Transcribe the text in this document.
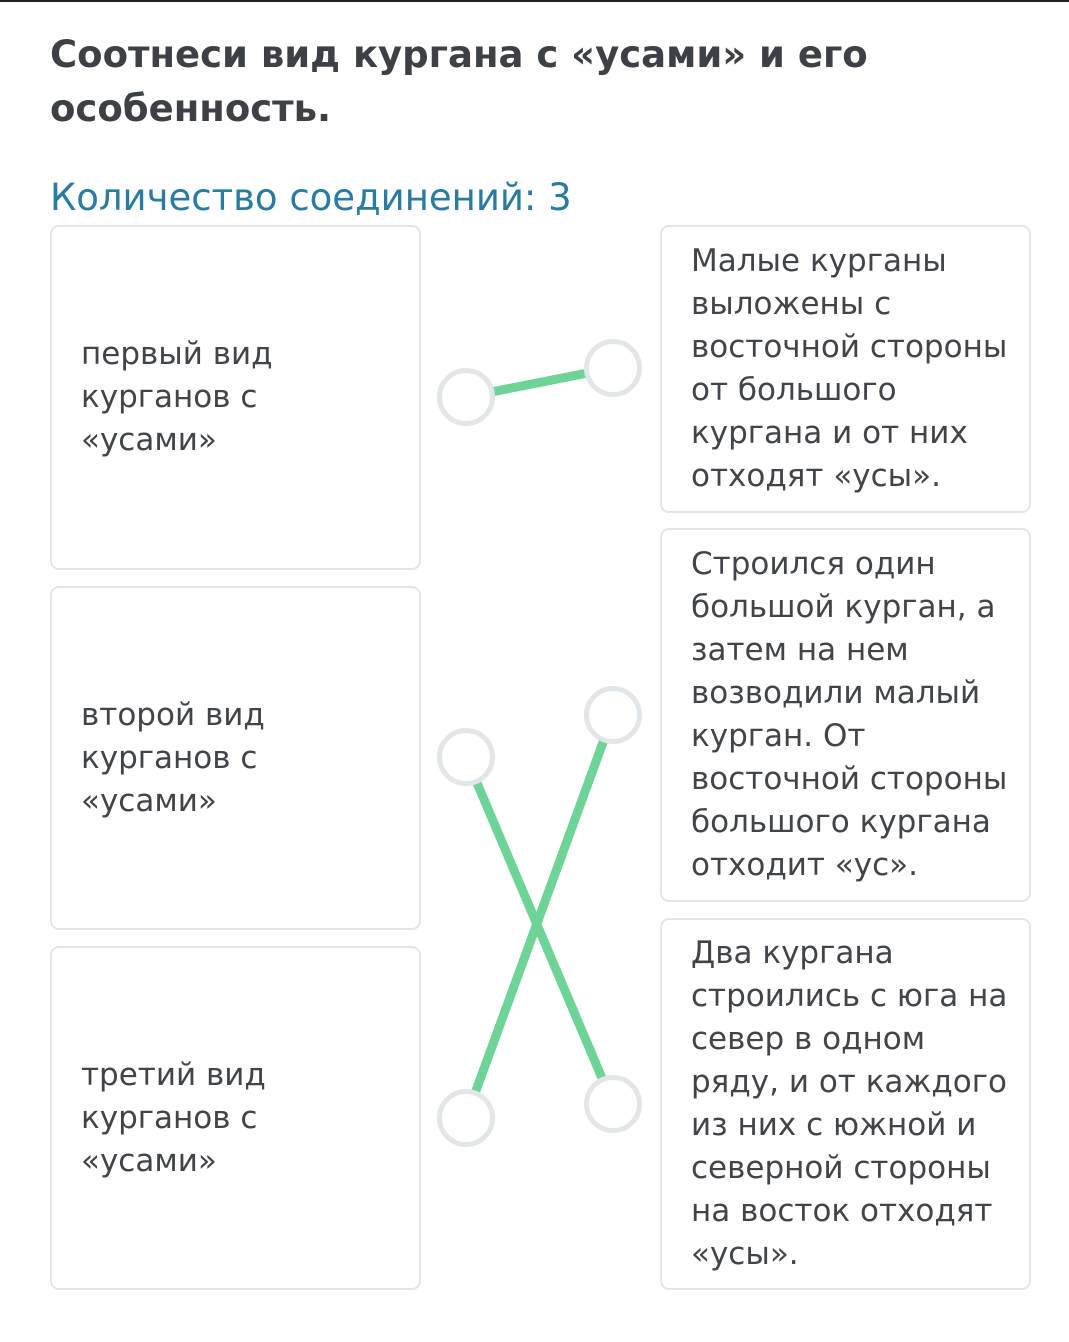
Соотнеси вид кургана с «усами» и его особенность.
Количество соединений: 3
первый вид курганов с «усами»
второй вид курганов с «усами»
третий вид курганов с «усами»
Малые курганы выложены с восточной стороны от большого кургана и от них отходят «усы».
Строился один большой курган, а затем на нем возводили малый курган. От восточной стороны большого кургана отходит «ус».
Два кургана строились с юга на север в одном ряду, и от каждого из них с южной и северной стороны на восток отходят «усы».
